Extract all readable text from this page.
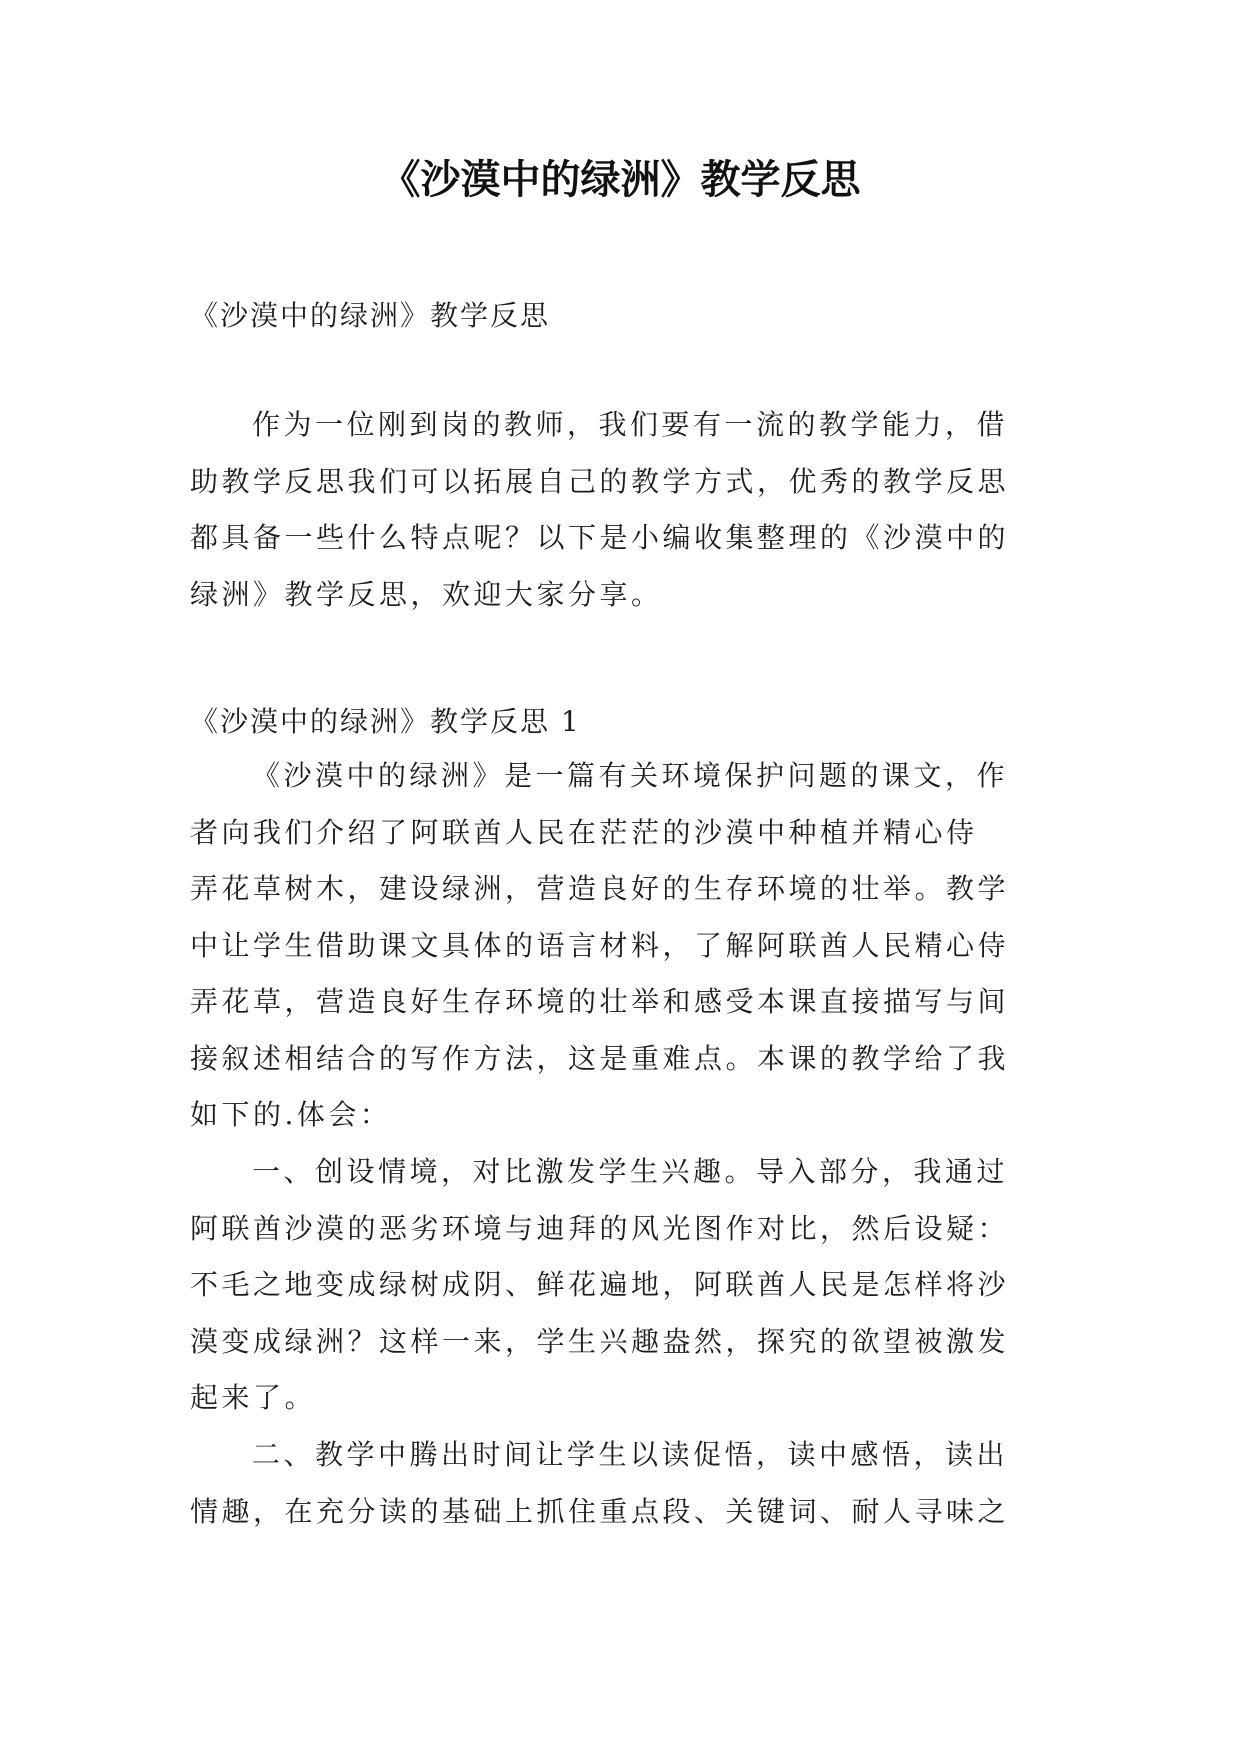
《沙漠中的绿洲》教学反思

《沙漠中的绿洲》教学反思

作为一位刚到岗的教师，我们要有一流的教学能力，借
助教学反思我们可以拓展自己的教学方式，优秀的教学反思
都具备一些什么特点呢？以下是小编收集整理的《沙漠中的
绿洲》教学反思，欢迎大家分享。

《沙漠中的绿洲》教学反思 1

《沙漠中的绿洲》是一篇有关环境保护问题的课文，作
者向我们介绍了阿联酋人民在茫茫的沙漠中种植并精心侍
弄花草树木，建设绿洲，营造良好的生存环境的壮举。教学
中让学生借助课文具体的语言材料，了解阿联酋人民精心侍
弄花草，营造良好生存环境的壮举和感受本课直接描写与间
接叙述相结合的写作方法，这是重难点。本课的教学给了我
如下的.体会：
一、创设情境，对比激发学生兴趣。导入部分，我通过
阿联酋沙漠的恶劣环境与迪拜的风光图作对比，然后设疑：
不毛之地变成绿树成阴、鲜花遍地，阿联酋人民是怎样将沙
漠变成绿洲？这样一来，学生兴趣盎然，探究的欲望被激发
起来了。
二、教学中腾出时间让学生以读促悟，读中感悟，读出
情趣，在充分读的基础上抓住重点段、关键词、耐人寻味之
